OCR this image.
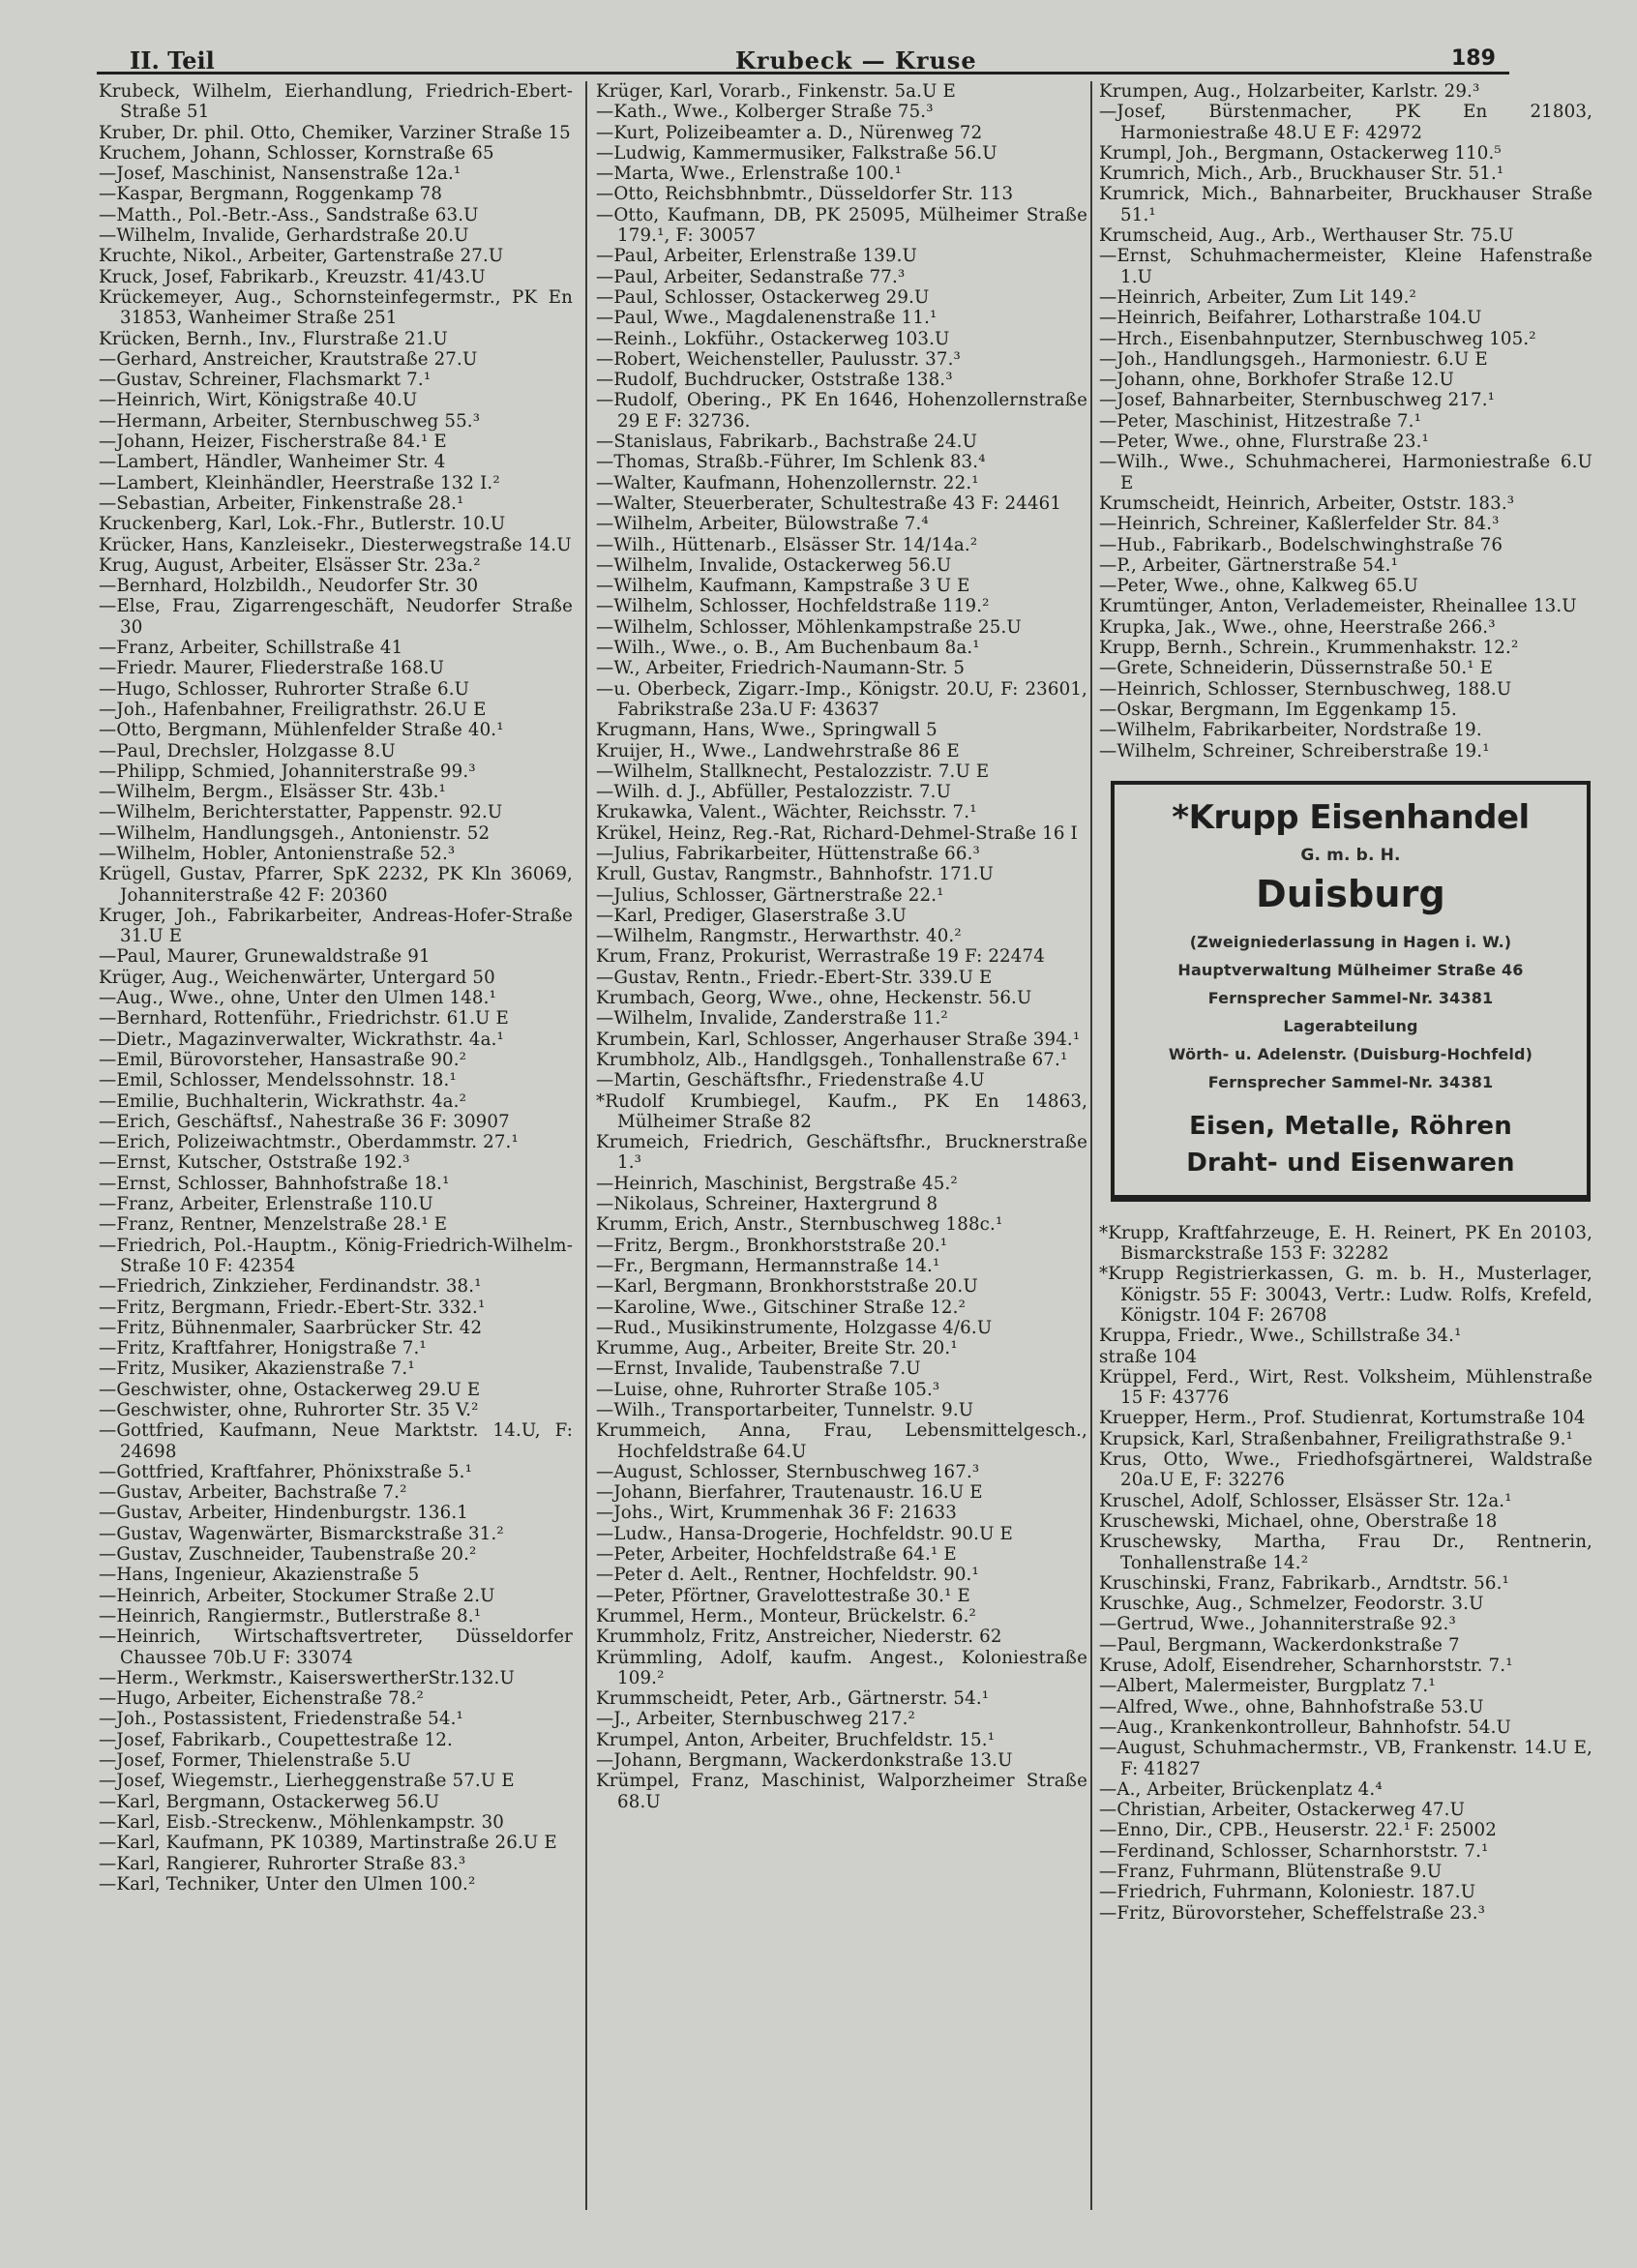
II. Teil	Krubeck — Kruse	189

Krubeck, Wilhelm, Eierhandlung, Friedrich-Ebert-Straße 51

Kruber, Dr. phil. Otto, Chemiker, Varziner Straße 15

Kruchem, Johann, Schlosser, Kornstraße 65

—Josef, Maschinist, Nansenstraße 12a.¹

—Kaspar, Bergmann, Roggenkamp 78

—Matth., Pol.-Betr.-Ass., Sandstraße 63.U

—Wilhelm, Invalide, Gerhardstraße 20.U

Kruchte, Nikol., Arbeiter, Gartenstraße 27.U

Kruck, Josef, Fabrikarb., Kreuzstr. 41/43.U

Krückemeyer, Aug., Schornsteinfegermstr., PK En 31853, Wanheimer Straße 251

Krücken, Bernh., Inv., Flurstraße 21.U

—Gerhard, Anstreicher, Krautstraße 27.U

—Gustav, Schreiner, Flachsmarkt 7.¹

—Heinrich, Wirt, Königstraße 40.U

—Hermann, Arbeiter, Sternbuschweg 55.³

—Johann, Heizer, Fischerstraße 84.¹ E

—Lambert, Händler, Wanheimer Str. 4

—Lambert, Kleinhändler, Heerstraße 132 I.²

—Sebastian, Arbeiter, Finkenstraße 28.¹

Kruckenberg, Karl, Lok.-Fhr., Butlerstr. 10.U

Krücker, Hans, Kanzleisekr., Diesterwegstraße 14.U

Krug, August, Arbeiter, Elsässer Str. 23a.²

—Bernhard, Holzbildh., Neudorfer Str. 30

—Else, Frau, Zigarrengeschäft, Neudorfer Straße 30

—Franz, Arbeiter, Schillstraße 41

—Friedr. Maurer, Fliederstraße 168.U

—Hugo, Schlosser, Ruhrorter Straße 6.U

—Joh., Hafenbahner, Freiligrathstr. 26.U E

—Otto, Bergmann, Mühlenfelder Straße 40.¹

—Paul, Drechsler, Holzgasse 8.U

—Philipp, Schmied, Johanniterstraße 99.³

—Wilhelm, Bergm., Elsässer Str. 43b.¹

—Wilhelm, Berichterstatter, Pappenstr. 92.U

—Wilhelm, Handlungsgeh., Antonienstr. 52

—Wilhelm, Hobler, Antonienstraße 52.³

Krügell, Gustav, Pfarrer, SpK 2232, PK Kln 36069, Johanniterstraße 42 F: 20360

Kruger, Joh., Fabrikarbeiter, Andreas-Hofer-Straße 31.U E

—Paul, Maurer, Grunewaldstraße 91

Krüger, Aug., Weichenwärter, Untergard 50

—Aug., Wwe., ohne, Unter den Ulmen 148.¹

—Bernhard, Rottenführ., Friedrichstr. 61.U E

—Dietr., Magazinverwalter, Wickrathstr. 4a.¹

—Emil, Bürovorsteher, Hansastraße 90.²

—Emil, Schlosser, Mendelssohnstr. 18.¹

—Emilie, Buchhalterin, Wickrathstr. 4a.²

—Erich, Geschäftsf., Nahestraße 36 F: 30907

—Erich, Polizeiwachtmstr., Oberdammstr. 27.¹

—Ernst, Kutscher, Oststraße 192.³

—Ernst, Schlosser, Bahnhofstraße 18.¹

—Franz, Arbeiter, Erlenstraße 110.U

—Franz, Rentner, Menzelstraße 28.¹ E

—Friedrich, Pol.-Hauptm., König-Friedrich-Wilhelm-Straße 10 F: 42354

—Friedrich, Zinkzieher, Ferdinandstr. 38.¹

—Fritz, Bergmann, Friedr.-Ebert-Str. 332.¹

—Fritz, Bühnenmaler, Saarbrücker Str. 42

—Fritz, Kraftfahrer, Honigstraße 7.¹

—Fritz, Musiker, Akazienstraße 7.¹

—Geschwister, ohne, Ostackerweg 29.U E

—Geschwister, ohne, Ruhrorter Str. 35 V.²

—Gottfried, Kaufmann, Neue Marktstr. 14.U, F: 24698

—Gottfried, Kraftfahrer, Phönixstraße 5.¹

—Gustav, Arbeiter, Bachstraße 7.²

—Gustav, Arbeiter, Hindenburgstr. 136.1

—Gustav, Wagenwärter, Bismarckstraße 31.²

—Gustav, Zuschneider, Taubenstraße 20.²

—Hans, Ingenieur, Akazienstraße 5

—Heinrich, Arbeiter, Stockumer Straße 2.U

—Heinrich, Rangiermstr., Butlerstraße 8.¹

—Heinrich, Wirtschaftsvertreter, Düsseldorfer Chaussee 70b.U F: 33074

—Herm., Werkmstr., KaiserswertherStr.132.U

—Hugo, Arbeiter, Eichenstraße 78.²

—Joh., Postassistent, Friedenstraße 54.¹

—Josef, Fabrikarb., Coupettestraße 12.

—Josef, Former, Thielenstraße 5.U

—Josef, Wiegemstr., Lierheggenstraße 57.U E

—Karl, Bergmann, Ostackerweg 56.U

—Karl, Eisb.-Streckenw., Möhlenkampstr. 30

—Karl, Kaufmann, PK 10389, Martinstraße 26.U E

—Karl, Rangierer, Ruhrorter Straße 83.³

—Karl, Techniker, Unter den Ulmen 100.²

Krüger, Karl, Vorarb., Finkenstr. 5a.U E

—Kath., Wwe., Kolberger Straße 75.³

—Kurt, Polizeibeamter a. D., Nürenweg 72

—Ludwig, Kammermusiker, Falkstraße 56.U

—Marta, Wwe., Erlenstraße 100.¹

—Otto, Reichsbhnbmtr., Düsseldorfer Str. 113

—Otto, Kaufmann, DB, PK 25095, Mülheimer Straße 179.¹, F: 30057

—Paul, Arbeiter, Erlenstraße 139.U

—Paul, Arbeiter, Sedanstraße 77.³

—Paul, Schlosser, Ostackerweg 29.U

—Paul, Wwe., Magdalenenstraße 11.¹

—Reinh., Lokführ., Ostackerweg 103.U

—Robert, Weichensteller, Paulusstr. 37.³

—Rudolf, Buchdrucker, Oststraße 138.³

—Rudolf, Obering., PK En 1646, Hohenzollernstraße 29 E F: 32736.

—Stanislaus, Fabrikarb., Bachstraße 24.U

—Thomas, Straßb.-Führer, Im Schlenk 83.⁴

—Walter, Kaufmann, Hohenzollernstr. 22.¹

—Walter, Steuerberater, Schultestraße 43 F: 24461

—Wilhelm, Arbeiter, Bülowstraße 7.⁴

—Wilh., Hüttenarb., Elsässer Str. 14/14a.²

—Wilhelm, Invalide, Ostackerweg 56.U

—Wilhelm, Kaufmann, Kampstraße 3 U E

—Wilhelm, Schlosser, Hochfeldstraße 119.²

—Wilhelm, Schlosser, Möhlenkampstraße 25.U

—Wilh., Wwe., o. B., Am Buchenbaum 8a.¹

—W., Arbeiter, Friedrich-Naumann-Str. 5

—u. Oberbeck, Zigarr.-Imp., Königstr. 20.U, F: 23601, Fabrikstraße 23a.U F: 43637

Krugmann, Hans, Wwe., Springwall 5

Kruijer, H., Wwe., Landwehrstraße 86 E

—Wilhelm, Stallknecht, Pestalozzistr. 7.U E

—Wilh. d. J., Abfüller, Pestalozzistr. 7.U

Krukawka, Valent., Wächter, Reichsstr. 7.¹

Krükel, Heinz, Reg.-Rat, Richard-Dehmel-Straße 16 I

—Julius, Fabrikarbeiter, Hüttenstraße 66.³

Krull, Gustav, Rangmstr., Bahnhofstr. 171.U

—Julius, Schlosser, Gärtnerstraße 22.¹

—Karl, Prediger, Glaserstraße 3.U

—Wilhelm, Rangmstr., Herwarthstr. 40.²

Krum, Franz, Prokurist, Werrastraße 19 F: 22474

—Gustav, Rentn., Friedr.-Ebert-Str. 339.U E

Krumbach, Georg, Wwe., ohne, Heckenstr. 56.U

—Wilhelm, Invalide, Zanderstraße 11.²

Krumbein, Karl, Schlosser, Angerhauser Straße 394.¹

Krumbholz, Alb., Handlgsgeh., Tonhallenstraße 67.¹

—Martin, Geschäftsfhr., Friedenstraße 4.U

*Rudolf Krumbiegel, Kaufm., PK En 14863, Mülheimer Straße 82

Krumeich, Friedrich, Geschäftsfhr., Brucknerstraße 1.³

—Heinrich, Maschinist, Bergstraße 45.²

—Nikolaus, Schreiner, Haxtergrund 8

Krumm, Erich, Anstr., Sternbuschweg 188c.¹

—Fritz, Bergm., Bronkhorststraße 20.¹

—Fr., Bergmann, Hermannstraße 14.¹

—Karl, Bergmann, Bronkhorststraße 20.U

—Karoline, Wwe., Gitschiner Straße 12.²

—Rud., Musikinstrumente, Holzgasse 4/6.U

Krumme, Aug., Arbeiter, Breite Str. 20.¹

—Ernst, Invalide, Taubenstraße 7.U

—Luise, ohne, Ruhrorter Straße 105.³

—Wilh., Transportarbeiter, Tunnelstr. 9.U

Krummeich, Anna, Frau, Lebensmittelgesch., Hochfeldstraße 64.U

—August, Schlosser, Sternbuschweg 167.³

—Johann, Bierfahrer, Trautenaustr. 16.U E

—Johs., Wirt, Krummenhak 36 F: 21633

—Ludw., Hansa-Drogerie, Hochfeldstr. 90.U E

—Peter, Arbeiter, Hochfeldstraße 64.¹ E

—Peter d. Aelt., Rentner, Hochfeldstr. 90.¹

—Peter, Pförtner, Gravelottestraße 30.¹ E

Krummel, Herm., Monteur, Brückelstr. 6.²

Krummholz, Fritz, Anstreicher, Niederstr. 62

Krümmling, Adolf, kaufm. Angest., Koloniestraße 109.²

Krummscheidt, Peter, Arb., Gärtnerstr. 54.¹

—J., Arbeiter, Sternbuschweg 217.²

Krumpel, Anton, Arbeiter, Bruchfeldstr. 15.¹

—Johann, Bergmann, Wackerdonkstraße 13.U

Krümpel, Franz, Maschinist, Walporzheimer Straße 68.U

Krumpen, Aug., Holzarbeiter, Karlstr. 29.³

—Josef, Bürstenmacher, PK En 21803, Harmoniestraße 48.U E F: 42972

Krumpl, Joh., Bergmann, Ostackerweg 110.⁵

Krumrich, Mich., Arb., Bruckhauser Str. 51.¹

Krumrick, Mich., Bahnarbeiter, Bruckhauser Straße 51.¹

Krumscheid, Aug., Arb., Werthauser Str. 75.U

—Ernst, Schuhmachermeister, Kleine Hafenstraße 1.U

—Heinrich, Arbeiter, Zum Lit 149.²

—Heinrich, Beifahrer, Lotharstraße 104.U

—Hrch., Eisenbahnputzer, Sternbuschweg 105.²

—Joh., Handlungsgeh., Harmoniestr. 6.U E

—Johann, ohne, Borkhofer Straße 12.U

—Josef, Bahnarbeiter, Sternbuschweg 217.¹

—Peter, Maschinist, Hitzestraße 7.¹

—Peter, Wwe., ohne, Flurstraße 23.¹

—Wilh., Wwe., Schuhmacherei, Harmoniestraße 6.U E

Krumscheidt, Heinrich, Arbeiter, Oststr. 183.³

—Heinrich, Schreiner, Kaßlerfelder Str. 84.³

—Hub., Fabrikarb., Bodelschwinghstraße 76

—P., Arbeiter, Gärtnerstraße 54.¹

—Peter, Wwe., ohne, Kalkweg 65.U

Krumtünger, Anton, Verlademeister, Rheinallee 13.U

Krupka, Jak., Wwe., ohne, Heerstraße 266.³

Krupp, Bernh., Schrein., Krummenhakstr. 12.²

—Grete, Schneiderin, Düssernstraße 50.¹ E

—Heinrich, Schlosser, Sternbuschweg, 188.U

—Oskar, Bergmann, Im Eggenkamp 15.

—Wilhelm, Fabrikarbeiter, Nordstraße 19.

—Wilhelm, Schreiner, Schreiberstraße 19.¹

*Krupp Eisenhandel
G. m. b. H.
Duisburg
(Zweigniederlassung in Hagen i. W.)
Hauptverwaltung Mülheimer Straße 46
Fernsprecher Sammel-Nr. 34381
Lagerabteilung
Wörth- u. Adelenstr. (Duisburg-Hochfeld)
Fernsprecher Sammel-Nr. 34381
Eisen, Metalle, Röhren
Draht- und Eisenwaren

*Krupp, Kraftfahrzeuge, E. H. Reinert, PK En 20103, Bismarckstraße 153 F: 32282

*Krupp Registrierkassen, G. m. b. H., Musterlager, Königstr. 55 F: 30043, Vertr.: Ludw. Rolfs, Krefeld, Königstr. 104 F: 26708

Kruppa, Friedr., Wwe., Schillstraße 34.¹

straße 104

Krüppel, Ferd., Wirt, Rest. Volksheim, Mühlenstraße 15 F: 43776

Kruepper, Herm., Prof. Studienrat, Kortumstraße 104

Krupsick, Karl, Straßenbahner, Freiligrathstraße 9.¹

Krus, Otto, Wwe., Friedhofsgärtnerei, Waldstraße 20a.U E, F: 32276

Kruschel, Adolf, Schlosser, Elsässer Str. 12a.¹

Kruschewski, Michael, ohne, Oberstraße 18

Kruschewsky, Martha, Frau Dr., Rentnerin, Tonhallenstraße 14.²

Kruschinski, Franz, Fabrikarb., Arndtstr. 56.¹

Kruschke, Aug., Schmelzer, Feodorstr. 3.U

—Gertrud, Wwe., Johanniterstraße 92.³

—Paul, Bergmann, Wackerdonkstraße 7

Kruse, Adolf, Eisendreher, Scharnhorststr. 7.¹

—Albert, Malermeister, Burgplatz 7.¹

—Alfred, Wwe., ohne, Bahnhofstraße 53.U

—Aug., Krankenkontrolleur, Bahnhofstr. 54.U

—August, Schuhmachermstr., VB, Frankenstr. 14.U E, F: 41827

—A., Arbeiter, Brückenplatz 4.⁴

—Christian, Arbeiter, Ostackerweg 47.U

—Enno, Dir., CPB., Heuserstr. 22.¹ F: 25002

—Ferdinand, Schlosser, Scharnhorststr. 7.¹

—Franz, Fuhrmann, Blütenstraße 9.U

—Friedrich, Fuhrmann, Koloniestr. 187.U

—Fritz, Bürovorsteher, Scheffelstraße 23.³
